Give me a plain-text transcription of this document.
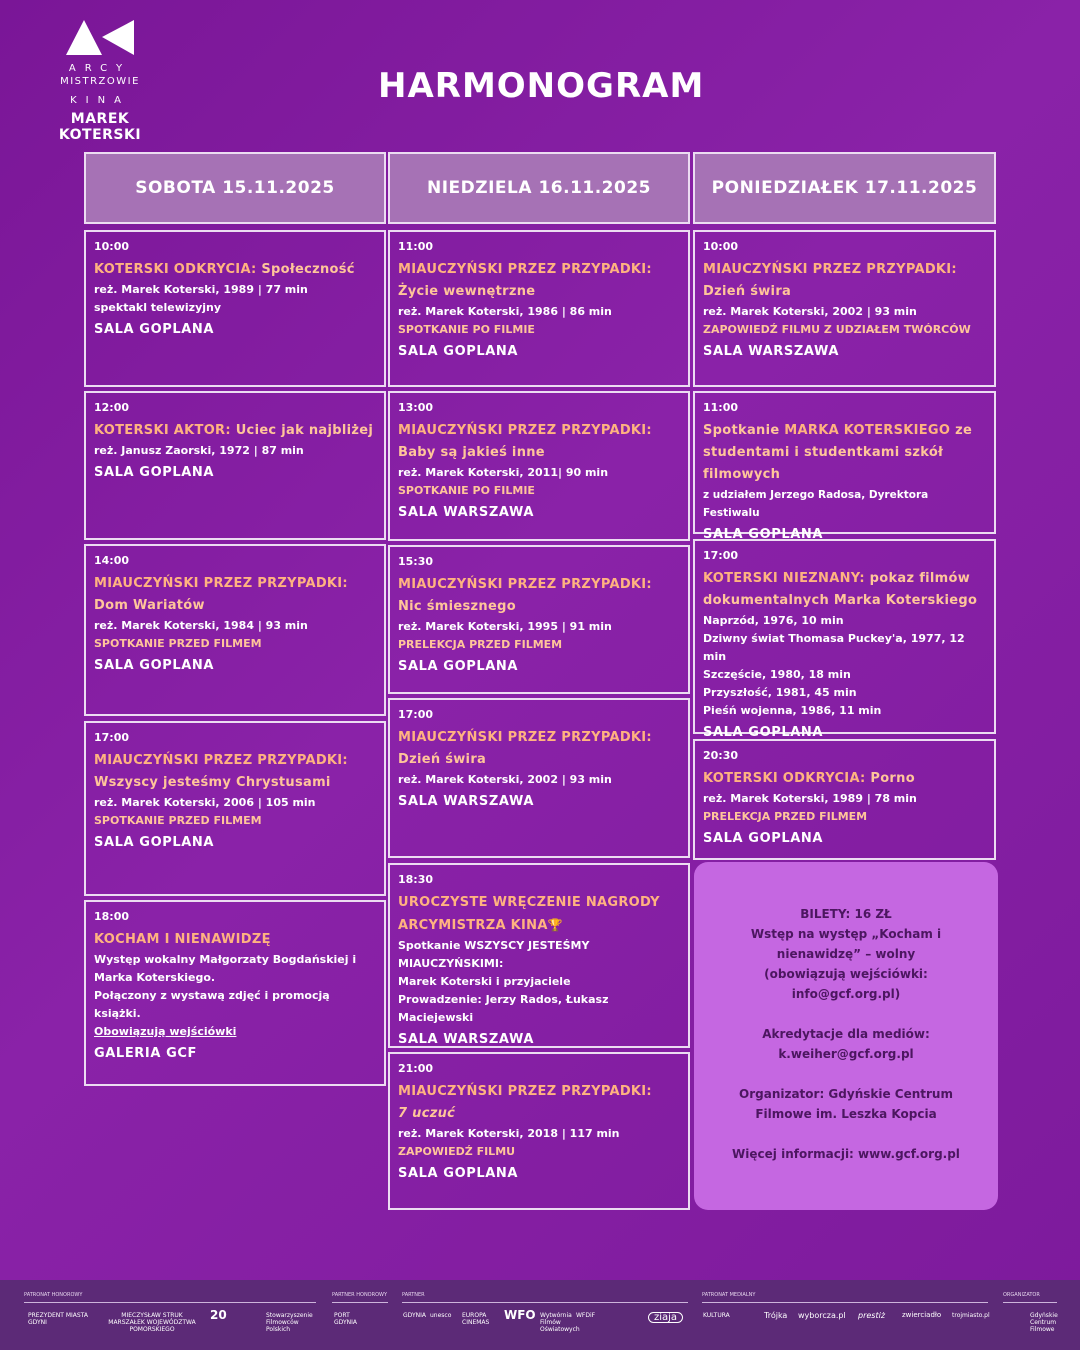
ARCY
MISTRZOWIE
KINA
MAREK KOTERSKI
HARMONOGRAM
SOBOTA 15.11.2025	NIEDZIELA 16.11.2025	PONIEDZIAŁEK 17.11.2025
10:00
KOTERSKI ODKRYCIA: Społeczność
reż. Marek Koterski, 1989 | 77 min
spektakl telewizyjny
SALA GOPLANA
12:00
KOTERSKI AKTOR: Uciec jak najbliżej
reż. Janusz Zaorski, 1972 | 87 min
SALA GOPLANA
14:00
MIAUCZYŃSKI PRZEZ PRZYPADKI:
Dom Wariatów
reż. Marek Koterski, 1984 | 93 min
SPOTKANIE PRZED FILMEM
SALA GOPLANA
17:00
MIAUCZYŃSKI PRZEZ PRZYPADKI:
Wszyscy jesteśmy Chrystusami
reż. Marek Koterski, 2006 | 105 min
SPOTKANIE PRZED FILMEM
SALA GOPLANA
18:00
KOCHAM I NIENAWIDZĘ
Występ wokalny Małgorzaty Bogdańskiej i Marka Koterskiego.
Połączony z wystawą zdjęć i promocją książki.
Obowiązują wejściówki
GALERIA GCF
11:00
MIAUCZYŃSKI PRZEZ PRZYPADKI: Życie wewnętrzne
reż. Marek Koterski, 1986 | 86 min
SPOTKANIE PO FILMIE
SALA GOPLANA
13:00
MIAUCZYŃSKI PRZEZ PRZYPADKI: Baby są jakieś inne
reż. Marek Koterski, 2011| 90 min
SPOTKANIE PO FILMIE
SALA WARSZAWA
15:30
MIAUCZYŃSKI PRZEZ PRZYPADKI:
Nic śmiesznego
reż. Marek Koterski, 1995 | 91 min
PRELEKCJA PRZED FILMEM
SALA GOPLANA
17:00
MIAUCZYŃSKI PRZEZ PRZYPADKI:
Dzień świra
reż. Marek Koterski, 2002 | 93 min
SALA WARSZAWA
18:30
UROCZYSTE WRĘCZENIE NAGRODY ARCYMISTRZA KINA🏆
Spotkanie WSZYSCY JESTEŚMY MIAUCZYŃSKIMI:
Marek Koterski i przyjaciele
Prowadzenie: Jerzy Rados, Łukasz Maciejewski
SALA WARSZAWA
21:00
MIAUCZYŃSKI PRZEZ PRZYPADKI:
7 uczuć
reż. Marek Koterski, 2018 | 117 min
ZAPOWIEDŹ FILMU
SALA GOPLANA
10:00
MIAUCZYŃSKI PRZEZ PRZYPADKI:
Dzień świra
reż. Marek Koterski, 2002 | 93 min
ZAPOWIEDŹ FILMU Z UDZIAŁEM TWÓRCÓW
SALA WARSZAWA
11:00
Spotkanie MARKA KOTERSKIEGO ze studentami i studentkami szkół filmowych
z udziałem Jerzego Radosa, Dyrektora Festiwalu
SALA GOPLANA
17:00
KOTERSKI NIEZNANY: pokaz filmów dokumentalnych Marka Koterskiego
Naprzód, 1976, 10 min
Dziwny świat Thomasa Puckey'a, 1977, 12 min
Szczęście, 1980, 18 min
Przyszłość, 1981, 45 min
Pieśń wojenna, 1986, 11 min
SALA GOPLANA
20:30
KOTERSKI ODKRYCIA: Porno
reż. Marek Koterski, 1989 | 78 min
PRELEKCJA PRZED FILMEM
SALA GOPLANA

BILETY: 16 ZŁ
Wstęp na występ „Kocham i
nienawidzę” – wolny
(obowiązują wejściówki:
info@gcf.org.pl)

Akredytacje dla mediów:
k.weiher@gcf.org.pl

Organizator: Gdyńskie Centrum
Filmowe im. Leszka Kopcia

Więcej informacji: www.gcf.org.pl

PATRONAT HONOROWY	PARTNER HONOROWY	PARTNER	PATRONAT MEDIALNY	ORGANIZATOR
PREZYDENT MIASTA GDYNI
MIECZYSŁAW STRUK MARSZAŁEK WOJEWÓDZTWA POMORSKIEGO
20	Stowarzyszenie Filmowców Polskich
PORT GDYNIA
GDYNIA unesco EUROPA CINEMAS
WFO Wytwórnia Filmów Oświatowych
WFDiF	ziaja	KULTURA	Trójka wyborcza.pl prestiż zwierciadło trojmiasto.pl	Gdyńskie Centrum Filmowe
